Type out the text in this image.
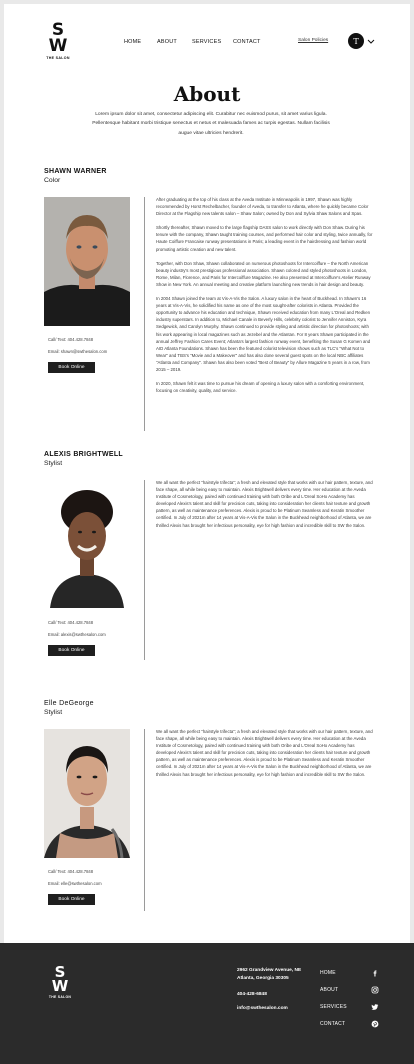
S
W
THE SALON
HOME	ABOUT	SERVICES CONTACT	Salon Policies	T
About
Lorem ipsum dolor sit amet, consectetur adipiscing elit. Curabitur nec euismod purus, sit amet varius ligula. Pellentesque habitant morbi tristique senectus et netus et malesuada fames ac turpis egestas. Nullam facilisis augue vitae ultricies hendrerit.
SHAWN WARNER
Color
Call/ Text: 404.428.7848
Email: shawn@swthesalon.com
Book Online

After graduating at the top of his class at the Aveda Institute in Minneapolis in 1997, Shawn was highly recommended by Horst Rechelbacher, founder of Aveda, to transfer to Atlanta, where he quickly became Color Director at the Flagship new talents salon – Shaw Salon; owned by Don and Sylvia Shaw Salons and Spas.

Shortly thereafter, Shawn moved to the large flagship DASS salon to work directly with Don Shaw. During his tenure with the company, Shawn taught training courses, and performed hair color and styling, twice annually, for Haute Coiffure Francaise runway presentations in Paris; a leading event in the hairdressing and fashion world promoting artistic creation and new talent.

Together, with Don Shaw, Shawn collaborated on numerous photoshoots for Intercoiffure – the North American beauty industry's most prestigious professional association. Shawn colored and styled photoshoots in London, Rome, Milan, Florence, and Paris for Intercoiffure Magazine. He also presented at Intercoiffure's Atelier Runway Show in New York. An annual meeting and creative platform launching new trends in hair design and beauty.

In 2004 Shawn joined the team at Vis-A-Vis the Salon. A luxury salon in the heart of Buckhead. In Shawn's 16 years at Vis-A-Vis, he solidified his name as one of the most sought-after colorists in Atlanta. Provided the opportunity to advance his education and technique, Shawn received education from many L'Oreal and Redken industry superstars. In addition to, Michael Canale in Beverly Hills, celebrity colorist to Jennifer Anniston, Kyra Sedgewick, and Carolyn Murphy. Shawn continued to provide styling and artistic direction for photoshoots; with his work appearing in local magazines such as Jezebel and the Atlantan. For 8 years Shawn participated in the annual Jeffrey Fashion Cares Event; Atlanta's largest fashion runway event, benefiting the Susan G Komen and AID Atlanta Foundations. Shawn has been the featured colorist television shows such as TLC's "What Not to Wear" and TBS's "Movie and a Makeover" and has also done several guest spots on the local NBC affiliates "Atlanta and Company". Shawn has also been voted "Best of Beauty" by Allure Magazine 5 years in a row, from 2015 – 2019.

In 2020, Shawn felt it was time to pursue his dream of opening a luxury salon with a comforting environment, focusing on creativity, quality, and service.

ALEXIS BRIGHTWELL
Stylist
Call/ Text: 404.428.7848
Email: alexis@swthesalon.com
Book Online

We all want the perfect "hairstyle trifecta"; a fresh and elevated style that works with our hair pattern, texture, and face shape, all while being easy to maintain. Alexis Brightwell delivers every time. Her education at the Aveda Institute of Cosmetology, paired with continued training with both Oribe and L'Oreal SoHo Academy has developed Alexis's talent and skill for precision cuts, taking into consideration her clients hair texture and growth pattern, as well as maintenance preferences. Alexis is proud to be Platinum Seamless and Keratin Smoother certified. In July of 2021m after 14 years at Vis-A-Vis the Salon in the Buckhead neighborhood of Atlanta, we are thrilled Alexis has brought her infectious personality, eye for high fashion and incredible skill to SW the Salon.

Elle DeGeorge
Stylist
Call/ Text: 404.428.7848
Email: elle@swthesalon.com
Book Online

We all want the perfect "hairstyle trifecta"; a fresh and elevated style that works with our hair pattern, texture, and face shape, all while being easy to maintain. Alexis Brightwell delivers every time. Her education at the Aveda Institute of Cosmetology, paired with continued training with both Oribe and L'Oreal SoHo Academy has developed Alexis's talent and skill for precision cuts, taking into consideration her clients hair texture and growth pattern, as well as maintenance preferences. Alexis is proud to be Platinum Seamless and Keratin Smoother certified. In July of 2021m after 14 years at Vis-A-Vis the Salon in the Buckhead neighborhood of Atlanta, we are thrilled Alexis has brought her infectious personality, eye for high fashion and incredible skill to SW the Salon.

S
W
THE SALON
2962 Grandview Avenue, NE
Atlanta, Georgia 30305
404-428-6848
info@swthesalon.com
HOME
ABOUT
SERVICES
CONTACT
